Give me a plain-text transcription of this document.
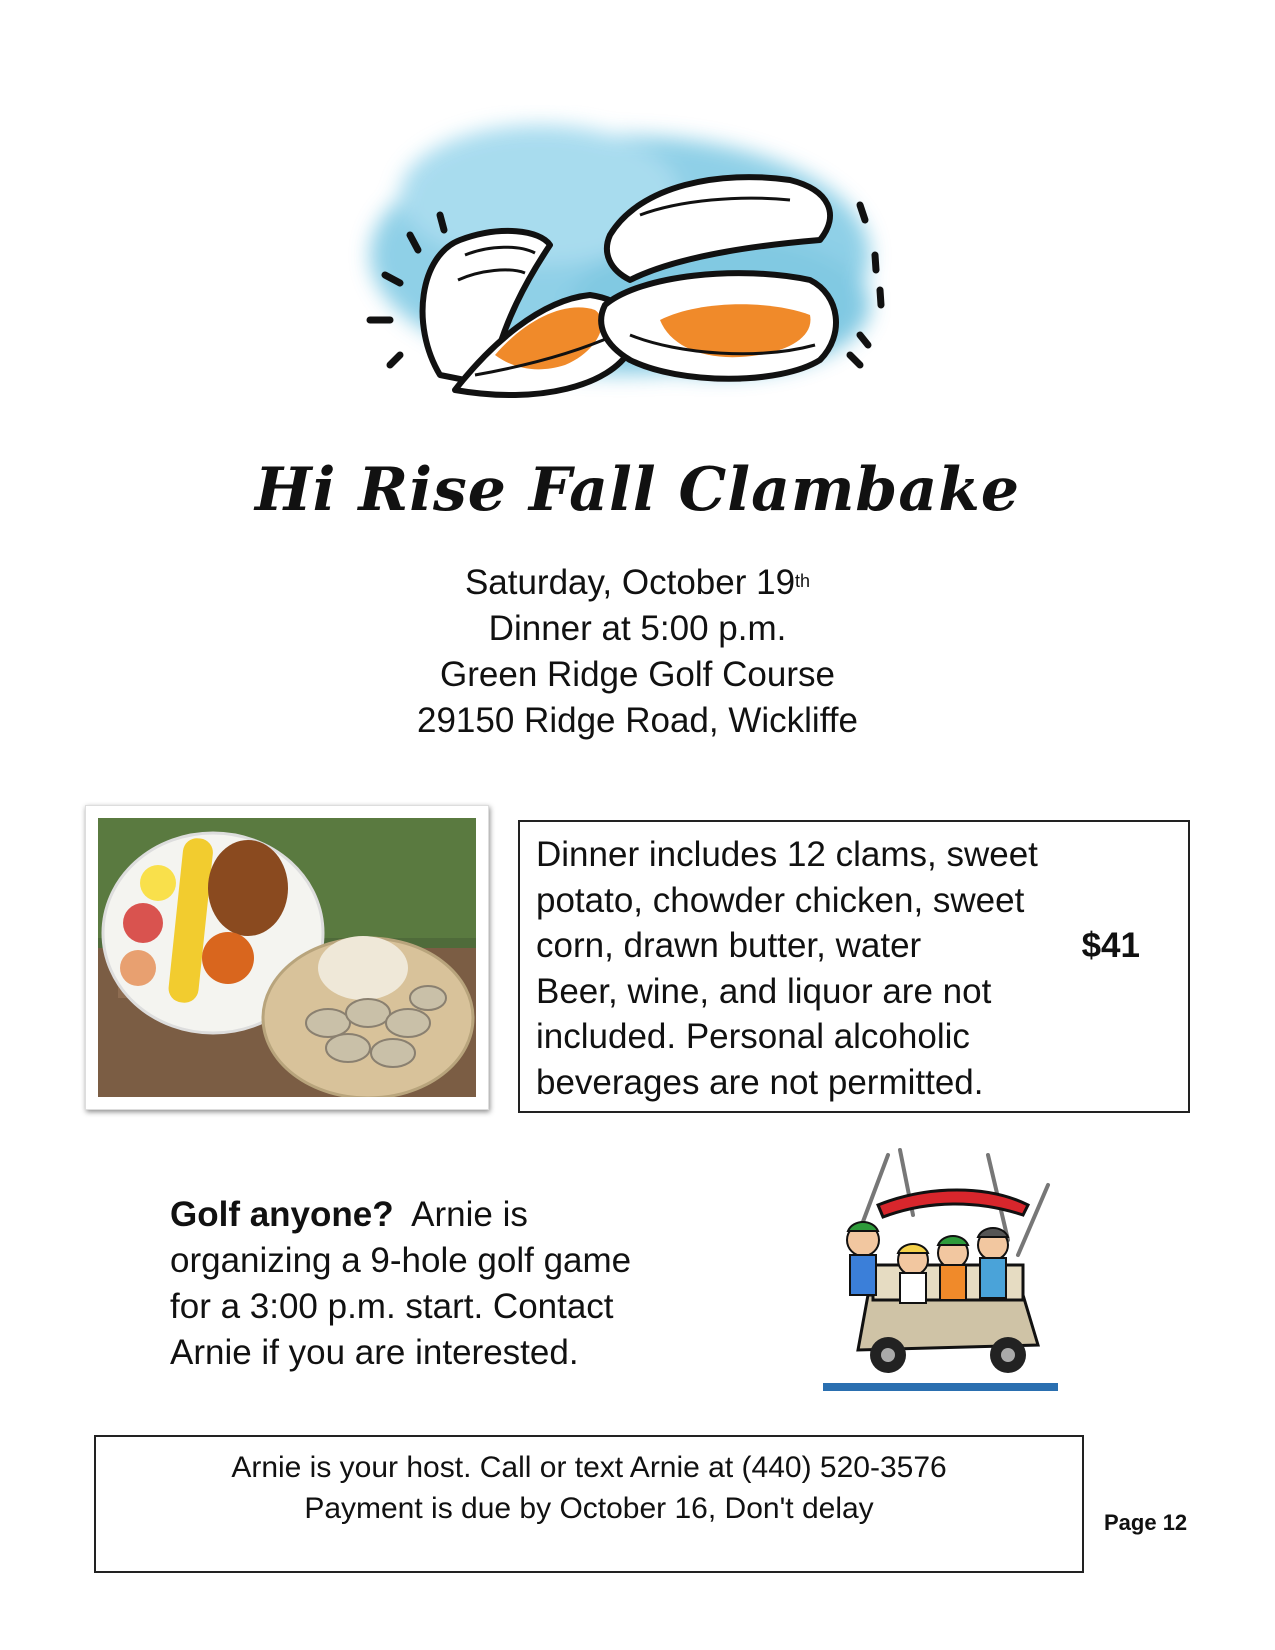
Hi Rise Fall Clambake
Saturday, October 19th
Dinner at 5:00 p.m.
Green Ridge Golf Course
29150 Ridge Road, Wickliffe
Dinner includes 12 clams, sweet
potato, chowder chicken, sweet
corn, drawn butter, water
Beer, wine, and liquor are not
included. Personal alcoholic
beverages are not permitted.
$41
Golf anyone? Arnie is
organizing a 9-hole golf game
for a 3:00 p.m. start. Contact
Arnie if you are interested.
Arnie is your host. Call or text Arnie at (440) 520-3576
Payment is due by October 16, Don't delay	Page 12
